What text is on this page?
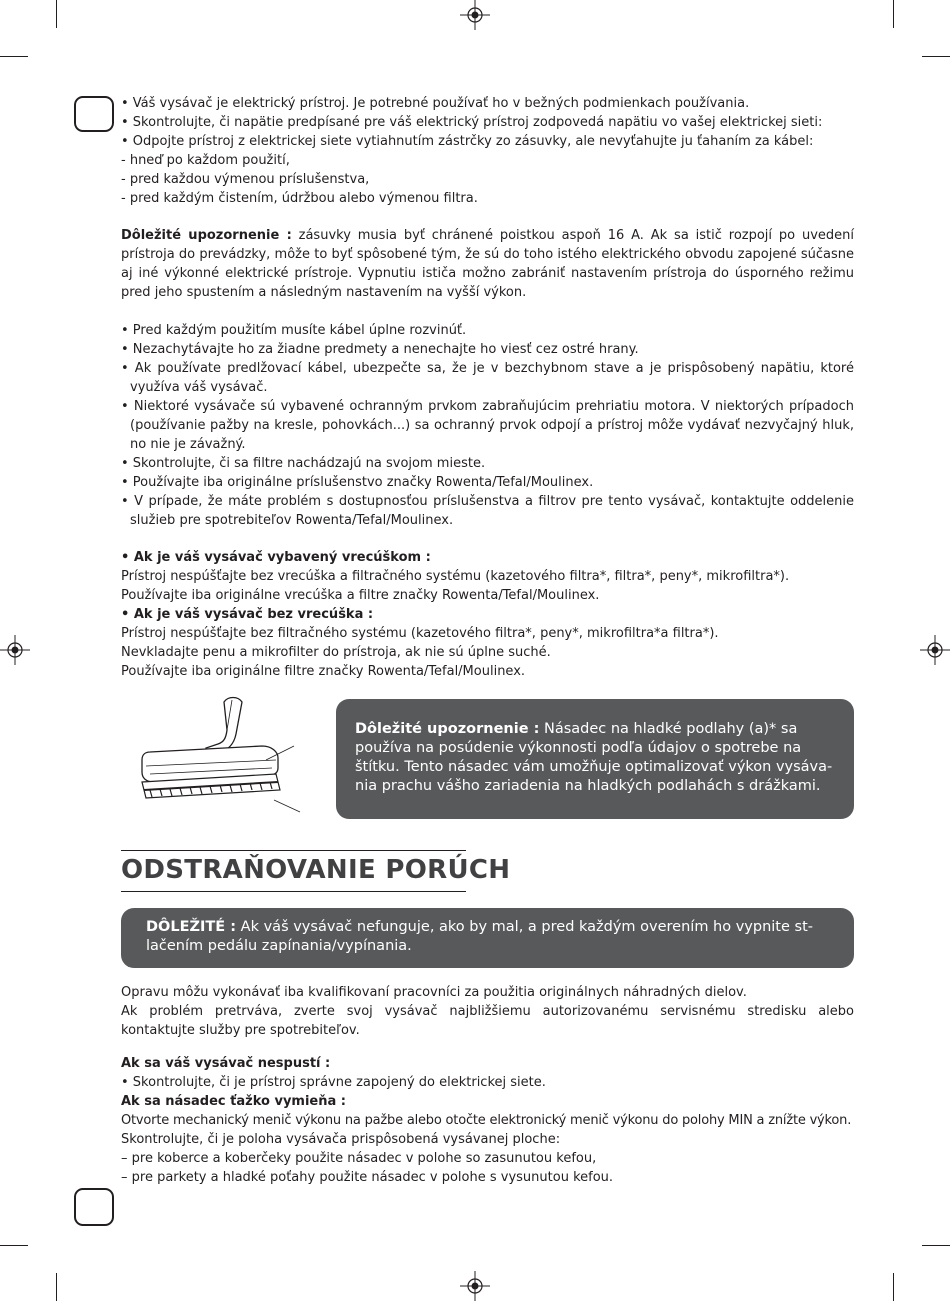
• Váš vysávač je elektrický prístroj. Je potrebné používať ho v bežných podmienkach používania.

• Skontrolujte, či napätie predpísané pre váš elektrický prístroj zodpovedá napätiu vo vašej elektrickej sieti:

• Odpojte prístroj z elektrickej siete vytiahnutím zástrčky zo zásuvky, ale nevyťahujte ju ťahaním za kábel:

- hneď po každom použití,

- pred každou výmenou príslušenstva,

- pred každým čistením, údržbou alebo výmenou filtra.

Dôležité upozornenie : zásuvky musia byť chránené poistkou aspoň 16 A. Ak sa istič rozpojí po uvedení prístroja do prevádzky, môže to byť spôsobené tým, že sú do toho istého elektrického obvodu zapojené súčasne aj iné výkonné elektrické prístroje. Vypnutiu ističa možno zabrániť nastavením prístroja do úsporného režimu pred jeho spustením a následným nastavením na vyšší výkon.

• Pred každým použitím musíte kábel úplne rozvinúť.

• Nezachytávajte ho za žiadne predmety a nenechajte ho viesť cez ostré hrany.

• Ak používate predlžovací kábel, ubezpečte sa, že je v bezchybnom stave a je prispôsobený napätiu, ktoré využíva váš vysávač.

• Niektoré vysávače sú vybavené ochranným prvkom zabraňujúcim prehriatiu motora. V niektorých prípadoch (používanie pažby na kresle, pohovkách...) sa ochranný prvok odpojí a prístroj môže vydávať nezvyčajný hluk, no nie je závažný.

• Skontrolujte, či sa filtre nachádzajú na svojom mieste.

• Používajte iba originálne príslušenstvo značky Rowenta/Tefal/Moulinex.

• V prípade, že máte problém s dostupnosťou príslušenstva a filtrov pre tento vysávač, kontaktujte oddelenie služieb pre spotrebiteľov Rowenta/Tefal/Moulinex.

• Ak je váš vysávač vybavený vrecúškom :

Prístroj nespúšťajte bez vrecúška a filtračného systému (kazetového filtra*, filtra*, peny*, mikrofiltra*).

Používajte iba originálne vrecúška a filtre značky Rowenta/Tefal/Moulinex.

• Ak je váš vysávač bez vrecúška :

Prístroj nespúšťajte bez filtračného systému (kazetového filtra*, peny*, mikrofiltra*a filtra*).

Nevkladajte penu a mikrofilter do prístroja, ak nie sú úplne suché.

Používajte iba originálne filtre značky Rowenta/Tefal/Moulinex.

Dôležité upozornenie : Násadec na hladké podlahy (a)* sa používa na posúdenie výkonnosti podľa údajov o spotrebe na štítku. Tento násadec vám umožňuje optimalizovať výkon vysáva-nia prachu vášho zariadenia na hladkých podlahách s drážkami.
ODSTRAŇOVANIE PORÚCH
DÔLEŽITÉ : Ak váš vysávač nefunguje, ako by mal, a pred každým overením ho vypnite st-lačením pedálu zapínania/vypínania.

Opravu môžu vykonávať iba kvalifikovaní pracovníci za použitia originálnych náhradných dielov.

Ak problém pretrváva, zverte svoj vysávač najbližšiemu autorizovanému servisnému stredisku alebo kontaktujte služby pre spotrebiteľov.

Ak sa váš vysávač nespustí :

• Skontrolujte, či je prístroj správne zapojený do elektrickej siete.

Ak sa násadec ťažko vymieňa :

Otvorte mechanický menič výkonu na pažbe alebo otočte elektronický menič výkonu do polohy MIN a znížte výkon.

Skontrolujte, či je poloha vysávača prispôsobená vysávanej ploche:

– pre koberce a koberčeky použite násadec v polohe so zasunutou kefou,

– pre parkety a hladké poťahy použite násadec v polohe s vysunutou kefou.
